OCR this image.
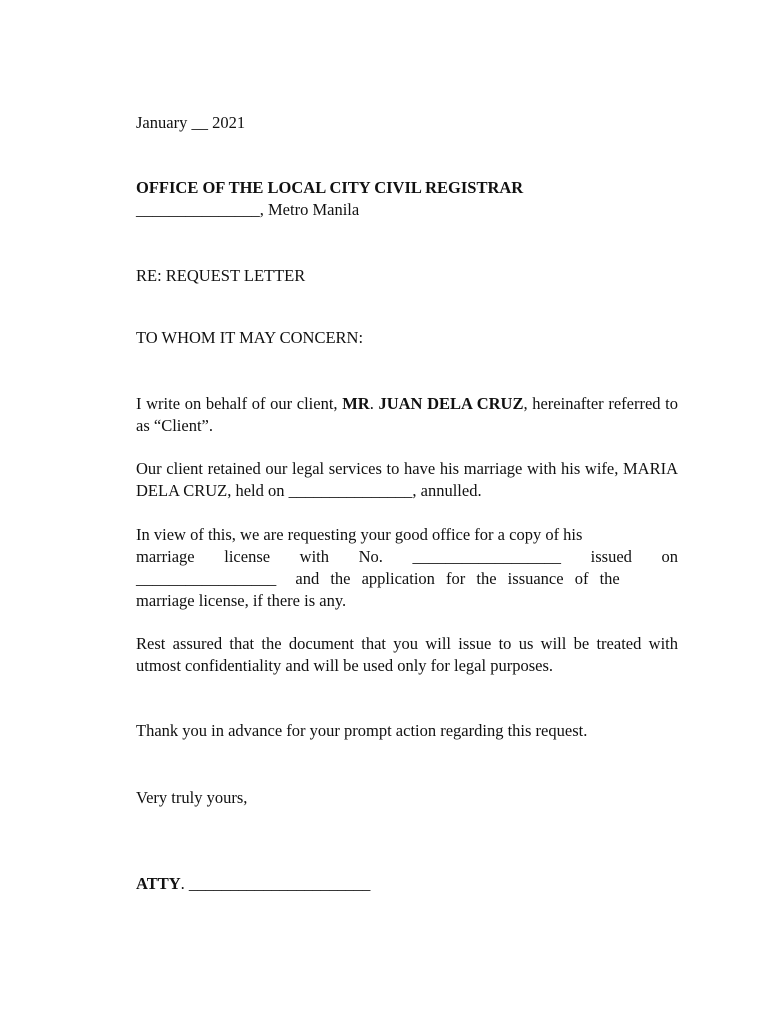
January __ 2021

OFFICE OF THE LOCAL CITY CIVIL REGISTRAR

_______________, Metro Manila

RE: REQUEST LETTER

TO WHOM IT MAY CONCERN:

I write on behalf of our client, MR. JUAN DELA CRUZ, hereinafter referred to as “Client”.

Our client retained our legal services to have his marriage with his wife, MARIA DELA CRUZ, held on _______________, annulled.

In view of this, we are requesting your good office for a copy of his
marriage license with No. __________________ issued on
_________________ and the application for the issuance of the
marriage license, if there is any.

Rest assured that the document that you will issue to us will be treated with utmost confidentiality and will be used only for legal purposes.

Thank you in advance for your prompt action regarding this request.

Very truly yours,

ATTY. ______________________
